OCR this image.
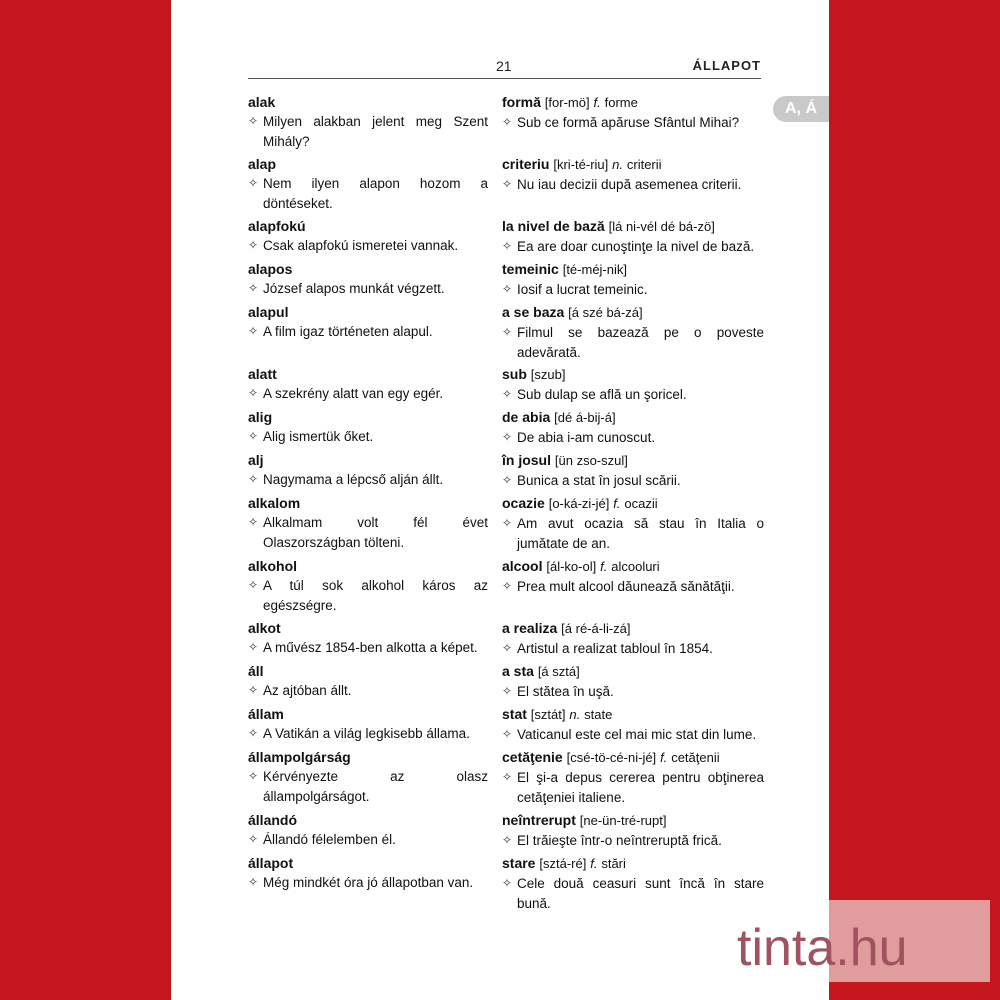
21	ÁLLAPOT
alak
✧ Milyen alakban jelent meg Szent Mihály?
alap
✧ Nem ilyen alapon hozom a döntéseket.
alapfokú
✧ Csak alapfokú ismeretei vannak.
alapos
✧ József alapos munkát végzett.
alapul
✧ A film igaz történeten alapul.
alatt
✧ A szekrény alatt van egy egér.
alig
✧ Alig ismertük őket.
alj
✧ Nagymama a lépcső alján állt.
alkalom
✧ Alkalmam volt fél évet Olaszországban tölteni.
alkohol
✧ A túl sok alkohol káros az egészségre.
alkot
✧ A művész 1854-ben alkotta a képet.
áll
✧ Az ajtóban állt.
állam
✧ A Vatikán a világ legkisebb állama.
állampolgárság
✧ Kérvényezte az olasz állampolgárságot.
állandó
✧ Állandó félelemben él.
állapot
✧ Még mindkét óra jó állapotban van.
formă [for-mö] f. forme
✧ Sub ce formă apăruse Sfântul Mihai?
criteriu [kri-té-riu] n. criterii
✧ Nu iau decizii după asemenea criterii.
la nivel de bază [lá ni-vél dé bá-zö]
✧ Ea are doar cunoştinţe la nivel de bază.
temeinic [té-méj-nik]
✧ Iosif a lucrat temeinic.
a se baza [á szé bá-zá]
✧ Filmul se bazează pe o poveste adevărată.
sub [szub]
✧ Sub dulap se află un şoricel.
de abia [dé á-bij-á]
✧ De abia i-am cunoscut.
în josul [ün zso-szul]
✧ Bunica a stat în josul scării.
ocazie [o-ká-zi-jé] f. ocazii
✧ Am avut ocazia să stau în Italia o jumătate de an.
alcool [ál-ko-ol] f. alcooluri
✧ Prea mult alcool dăunează sănătăţii.
a realiza [á ré-á-li-zá]
✧ Artistul a realizat tabloul în 1854.
a sta [á sztá]
✧ El stătea în uşă.
stat [sztát] n. state
✧ Vaticanul este cel mai mic stat din lume.
cetăţenie [csé-tö-cé-ni-jé] f. cetăţenii
✧ El şi-a depus cererea pentru obţinerea cetăţeniei italiene.
neîntrerupt [ne-ün-tré-rupt]
✧ El trăieşte într-o neîntreruptă frică.
stare [sztá-ré] f. stări
✧ Cele două ceasuri sunt încă în stare bună.
A, Á
tinta.hu
